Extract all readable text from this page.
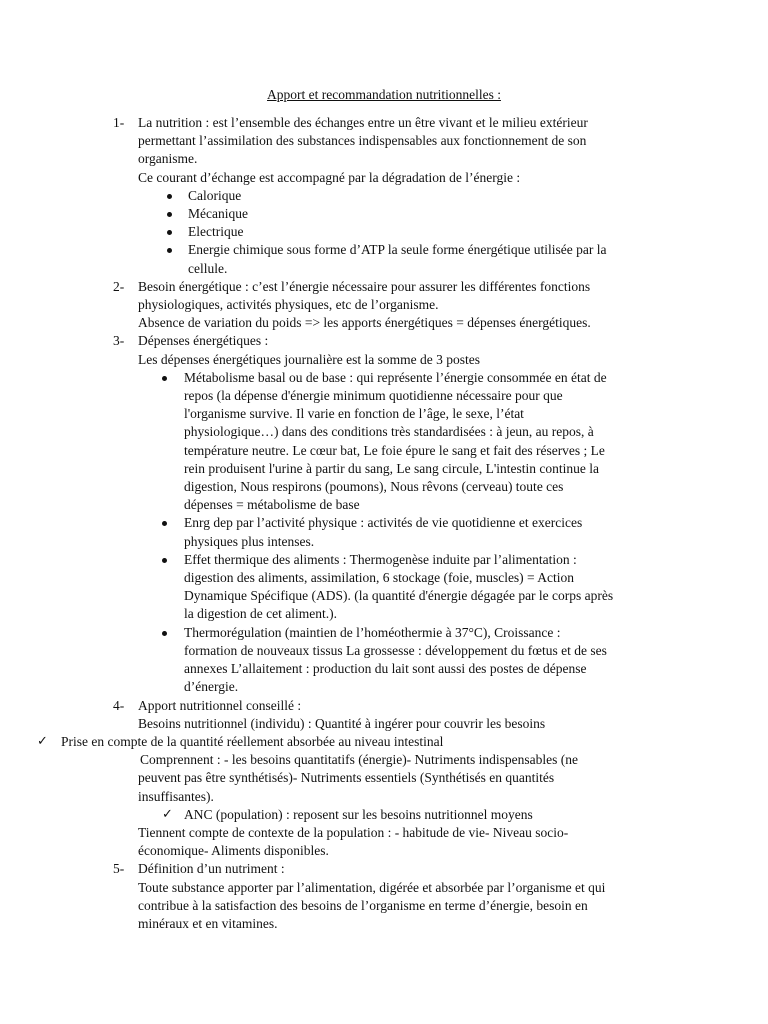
Apport et recommandation nutritionnelles :
1-	La nutrition : est l’ensemble des échanges entre un être vivant et le milieu extérieur
permettant l’assimilation des substances indispensables aux fonctionnement de son
organisme.
Ce courant d’échange est accompagné par la dégradation de l’énergie :
Calorique
Mécanique
Electrique
Energie chimique sous forme d’ATP la seule forme énergétique utilisée par la
cellule.
2-	Besoin énergétique : c’est l’énergie nécessaire pour assurer les différentes fonctions
physiologiques, activités physiques, etc de l’organisme.
Absence de variation du poids => les apports énergétiques = dépenses énergétiques.
3-	Dépenses énergétiques :
Les dépenses énergétiques journalière est la somme de 3 postes
Métabolisme basal ou de base : qui représente l’énergie consommée en état de
repos (la dépense d'énergie minimum quotidienne nécessaire pour que
l'organisme survive. Il varie en fonction de l’âge, le sexe, l’état
physiologique…) dans des conditions très standardisées : à jeun, au repos, à
température neutre. Le cœur bat, Le foie épure le sang et fait des réserves ; Le
rein produisent l'urine à partir du sang, Le sang circule, L'intestin continue la
digestion, Nous respirons (poumons), Nous rêvons (cerveau) toute ces
dépenses = métabolisme de base
Enrg dep par l’activité physique : activités de vie quotidienne et exercices
physiques plus intenses.
Effet thermique des aliments : Thermogenèse induite par l’alimentation :
digestion des aliments, assimilation, 6 stockage (foie, muscles) = Action
Dynamique Spécifique (ADS). (la quantité d'énergie dégagée par le corps après
la digestion de cet aliment.).
Thermorégulation (maintien de l’homéothermie à 37°C), Croissance :
formation de nouveaux tissus La grossesse : développement du fœtus et de ses
annexes L’allaitement : production du lait sont aussi des postes de dépense
d’énergie.
4-	Apport nutritionnel conseillé :
Besoins nutritionnel (individu) : Quantité à ingérer pour couvrir les besoins
✓ Prise en compte de la quantité réellement absorbée au niveau intestinal
Comprennent : - les besoins quantitatifs (énergie)- Nutriments indispensables (ne
peuvent pas être synthétisés)- Nutriments essentiels (Synthétisés en quantités
insuffisantes).
✓ ANC (population) : reposent sur les besoins nutritionnel moyens
Tiennent compte de contexte de la population : - habitude de vie- Niveau socio-
économique- Aliments disponibles.
5-	Définition d’un nutriment :
Toute substance apporter par l’alimentation, digérée et absorbée par l’organisme et qui
contribue à la satisfaction des besoins de l’organisme en terme d’énergie, besoin en
minéraux et en vitamines.
